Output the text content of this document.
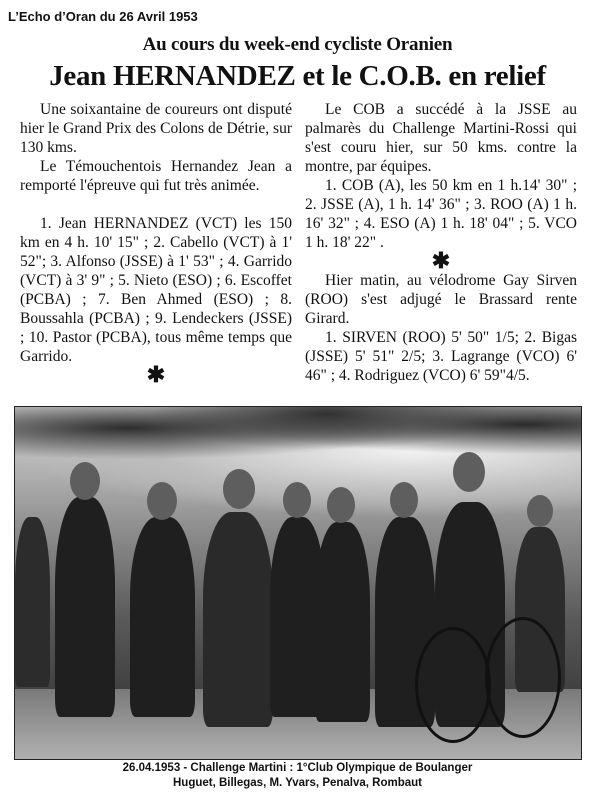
L’Echo d’Oran du 26 Avril 1953
Au cours du week-end cycliste Oranien
Jean HERNANDEZ et le C.O.B. en relief

Une soixantaine de coureurs ont disputé hier le Grand Prix des Colons de Détrie, sur 130 kms.

Le Témouchentois Hernandez Jean a remporté l'épreuve qui fut très animée.

1. Jean HERNANDEZ (VCT) les 150 km en 4 h. 10' 15" ; 2. Cabello (VCT) à 1' 52"; 3. Alfonso (JSSE) à 1' 53" ; 4. Garrido (VCT) à 3' 9" ; 5. Nieto (ESO) ; 6. Escoffet (PCBA) ; 7. Ben Ahmed (ESO) ; 8. Boussahla (PCBA) ; 9. Lendeckers (JSSE) ; 10. Pastor (PCBA), tous même temps que Garrido.

✱

Le COB a succédé à la JSSE au palmarès du Challenge Martini-Rossi qui s'est couru hier, sur 50 kms. contre la montre, par équipes.

1. COB (A), les 50 km en 1 h.14' 30" ; 2. JSSE (A), 1 h. 14' 36" ; 3. ROO (A) 1 h. 16' 32" ; 4. ESO (A) 1 h. 18' 04" ; 5. VCO 1 h. 18' 22" .

✱

Hier matin, au vélodrome Gay Sirven (ROO) s'est adjugé le Brassard rente Girard.

1. SIRVEN (ROO) 5' 50" 1/5; 2. Bigas (JSSE) 5' 51" 2/5; 3. Lagrange (VCO) 6' 46" ; 4. Rodriguez (VCO) 6' 59"4/5.

26.04.1953 - Challenge Martini : 1°Club Olympique de Boulanger
Huguet, Billegas, M. Yvars, Penalva, Rombaut
